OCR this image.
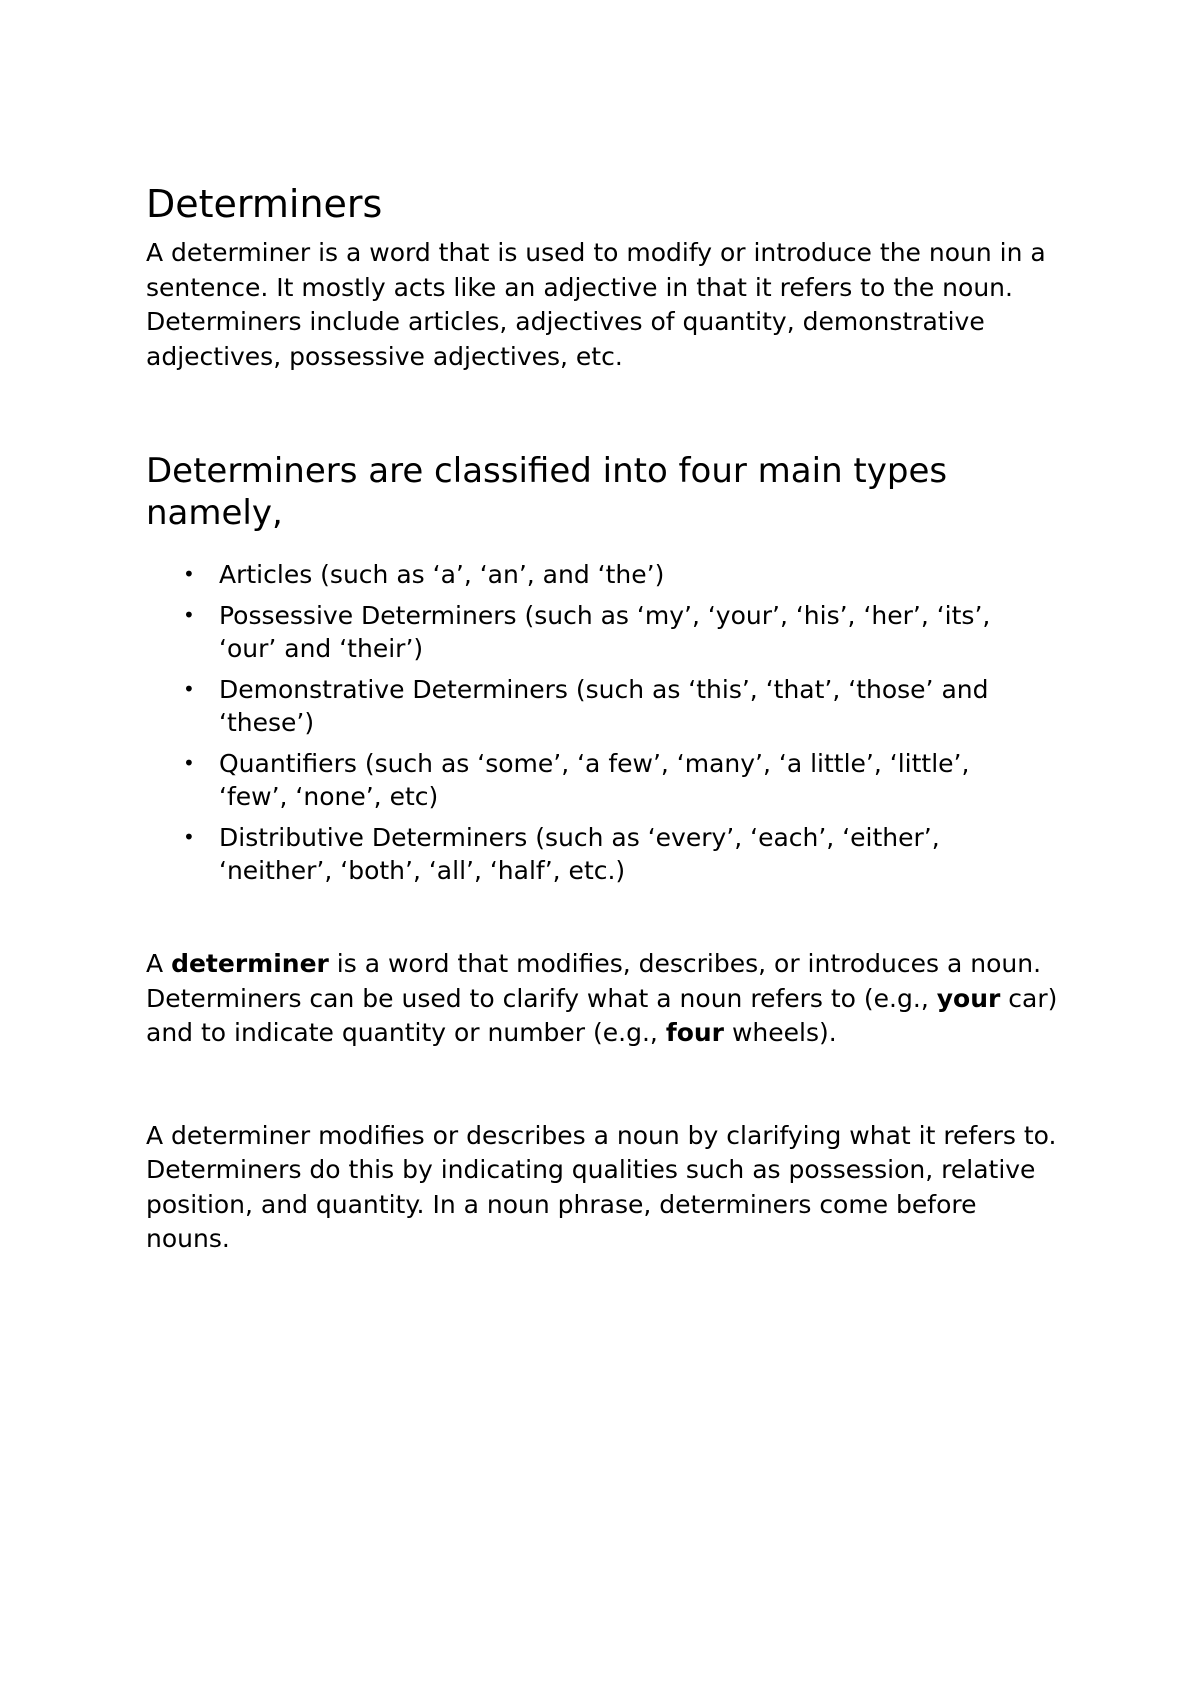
Determiners

A determiner is a word that is used to modify or introduce the noun in a sentence. It mostly acts like an adjective in that it refers to the noun. Determiners include articles, adjectives of quantity, demonstrative adjectives, possessive adjectives, etc.

Determiners are classified into four main types namely,
• Articles (such as ‘a’, ‘an’, and ‘the’)
• Possessive Determiners (such as ‘my’, ‘your’, ‘his’, ‘her’, ‘its’, ‘our’ and ‘their’)
• Demonstrative Determiners (such as ‘this’, ‘that’, ‘those’ and ‘these’)
• Quantifiers (such as ‘some’, ‘a few’, ‘many’, ‘a little’, ‘little’, ‘few’, ‘none’, etc)
• Distributive Determiners (such as ‘every’, ‘each’, ‘either’, ‘neither’, ‘both’, ‘all’, ‘half’, etc.)

A determiner is a word that modifies, describes, or introduces a noun. Determiners can be used to clarify what a noun refers to (e.g., your car) and to indicate quantity or number (e.g., four wheels).

A determiner modifies or describes a noun by clarifying what it refers to. Determiners do this by indicating qualities such as possession, relative position, and quantity. In a noun phrase, determiners come before nouns.
